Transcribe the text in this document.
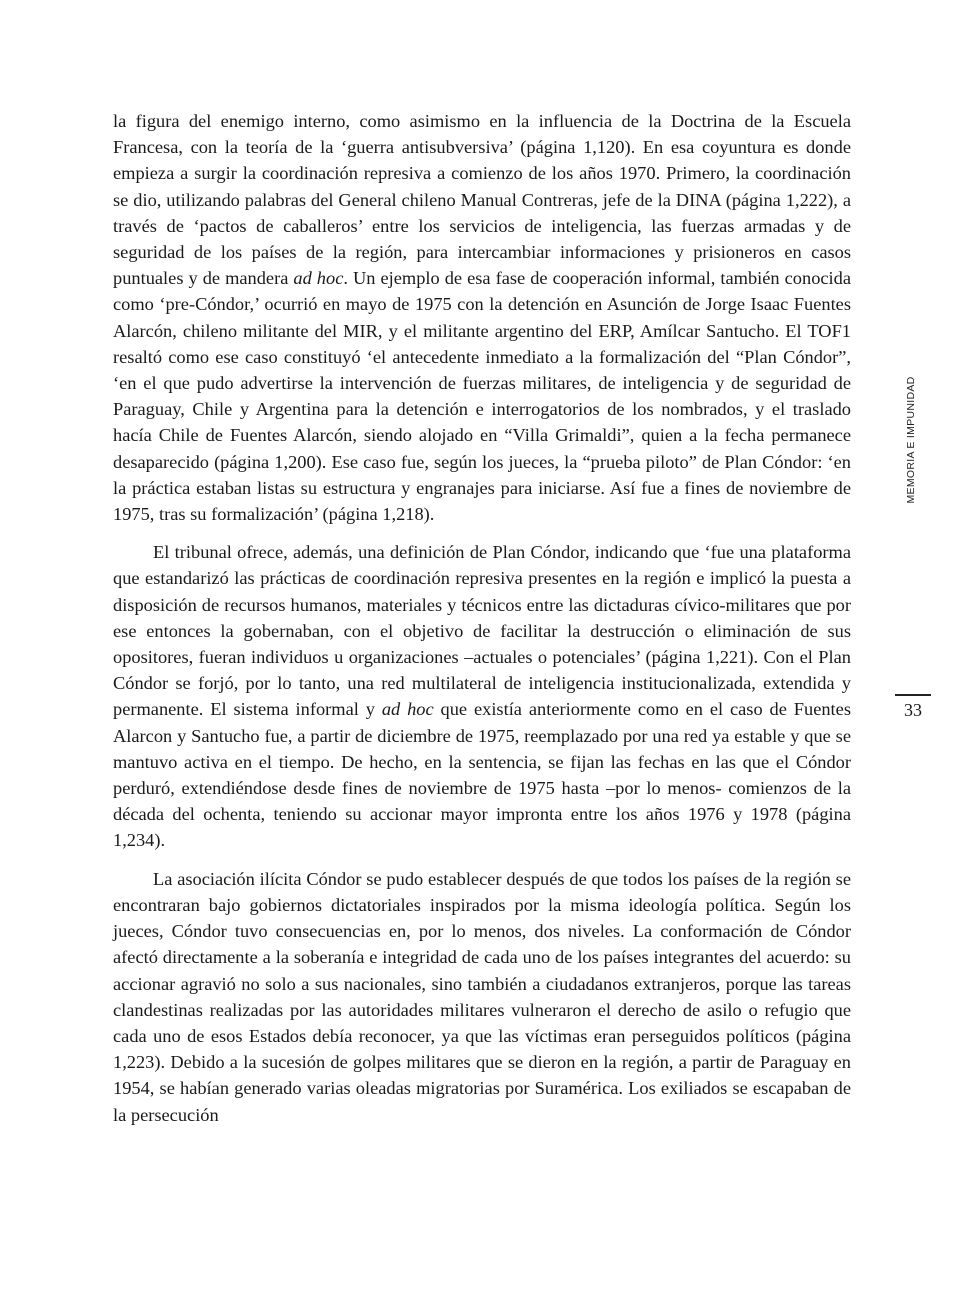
la figura del enemigo interno, como asimismo en la influencia de la Doctrina de la Escuela Francesa, con la teoría de la ‘guerra antisubversiva’ (página 1,120). En esa coyuntura es donde empieza a surgir la coordinación represiva a comienzo de los años 1970. Primero, la coordinación se dio, utilizando palabras del General chileno Manual Contreras, jefe de la DINA (página 1,222), a través de ‘pactos de caballeros’ entre los servicios de inteligencia, las fuerzas armadas y de seguridad de los países de la región, para intercambiar informaciones y prisioneros en casos puntuales y de mandera ad hoc. Un ejemplo de esa fase de cooperación informal, también conocida como ‘pre-Cóndor,’ ocurrió en mayo de 1975 con la detención en Asunción de Jorge Isaac Fuentes Alarcón, chileno militante del MIR, y el militante argentino del ERP, Amílcar Santucho. El TOF1 resaltó como ese caso constituyó ‘el antecedente inmediato a la formalización del “Plan Cóndor”, ‘en el que pudo advertirse la intervención de fuerzas militares, de inteligencia y de seguridad de Paraguay, Chile y Argentina para la detención e interrogatorios de los nombrados, y el traslado hacía Chile de Fuentes Alarcón, siendo alojado en “Villa Grimaldi”, quien a la fecha permanece desaparecido (página 1,200). Ese caso fue, según los jueces, la “prueba piloto” de Plan Cóndor: ‘en la práctica estaban listas su estructura y engranajes para iniciarse. Así fue a fines de noviembre de 1975, tras su formalización’ (página 1,218).

El tribunal ofrece, además, una definición de Plan Cóndor, indicando que ‘fue una plataforma que estandarizó las prácticas de coordinación represiva presentes en la región e implicó la puesta a disposición de recursos humanos, materiales y técnicos entre las dictaduras cívico-militares que por ese entonces la gobernaban, con el objetivo de facilitar la destrucción o eliminación de sus opositores, fueran individuos u organizaciones –actuales o potenciales’ (página 1,221). Con el Plan Cóndor se forjó, por lo tanto, una red multilateral de inteligencia institucionalizada, extendida y permanente. El sistema informal y ad hoc que existía anteriormente como en el caso de Fuentes Alarcon y Santucho fue, a partir de diciembre de 1975, reemplazado por una red ya estable y que se mantuvo activa en el tiempo. De hecho, en la sentencia, se fijan las fechas en las que el Cóndor perduró, extendiéndose desde fines de noviembre de 1975 hasta –por lo menos- comienzos de la década del ochenta, teniendo su accionar mayor impronta entre los años 1976 y 1978 (página 1,234).

La asociación ilícita Cóndor se pudo establecer después de que todos los países de la región se encontraran bajo gobiernos dictatoriales inspirados por la misma ideología política. Según los jueces, Cóndor tuvo consecuencias en, por lo menos, dos niveles. La conformación de Cóndor afectó directamente a la soberanía e integridad de cada uno de los países integrantes del acuerdo: su accionar agravió no solo a sus nacionales, sino también a ciudadanos extranjeros, porque las tareas clandestinas realizadas por las autoridades militares vulneraron el derecho de asilo o refugio que cada uno de esos Estados debía reconocer, ya que las víctimas eran perseguidos políticos (página 1,223). Debido a la sucesión de golpes militares que se dieron en la región, a partir de Paraguay en 1954, se habían generado varias oleadas migratorias por Suramérica. Los exiliados se escapaban de la persecución

MEMORIA E IMPUNIDAD
33
